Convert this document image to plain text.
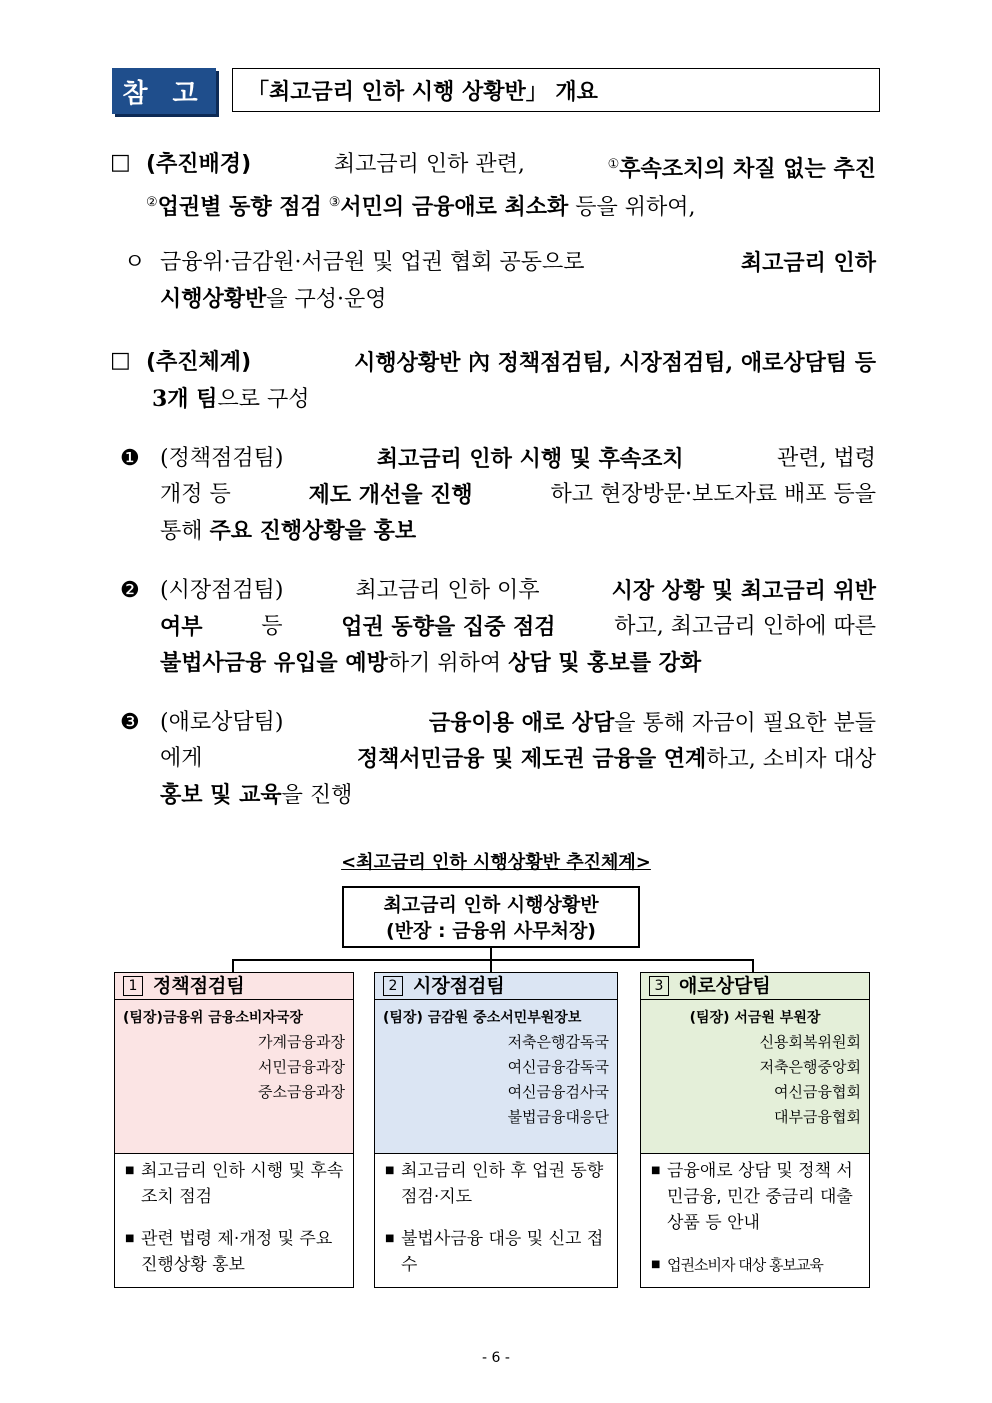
참 고	「최고금리 인하 시행 상황반」 개요
□ (추진배경)	최고금리 인하 관련,	①후속조치의 차질 없는 추진
②업권별 동향 점검 ③서민의 금융애로 최소화 등을 위하여,
ㅇ 금융위·금감원·서금원 및 업권 협회 공동으로	최고금리 인하
시행상황반을 구성·운영
□ (추진체계)	시행상황반 內 정책점검팀, 시장점검팀, 애로상담팀 등
3개 팀으로 구성
❶ (정책점검팀)	최고금리 인하 시행 및 후속조치	관련, 법령
개정 등	제도 개선을 진행	하고 현장방문·보도자료 배포 등을
통해 주요 진행상황을 홍보
❷ (시장점검팀)	최고금리 인하 이후	시장 상황 및 최고금리 위반
여부	등	업권 동향을 집중 점검	하고, 최고금리 인하에 따른
불법사금융 유입을 예방하기 위하여 상담 및 홍보를 강화
❸ (애로상담팀)	금융이용 애로 상담을 통해 자금이 필요한 분들
에게	정책서민금융 및 제도권 금융을 연계하고, 소비자 대상
홍보 및 교육을 진행
<최고금리 인하 시행상황반 추진체계>
최고금리 인하 시행상황반
(반장 : 금융위 사무처장)
1 정책점검팀
(팀장)금융위 금융소비자국장
가계금융과장
서민금융과장
중소금융과장
■ 최고금리 인하 시행 및 후속조치 점검
■ 관련 법령 제·개정 및 주요 진행상황 홍보
2 시장점검팀
(팀장) 금감원 중소서민부원장보
저축은행감독국
여신금융감독국
여신금융검사국
불법금융대응단
■ 최고금리 인하 후 업권 동향 점검·지도
■ 불법사금융 대응 및 신고 접수
3 애로상담팀
(팀장) 서금원 부원장
신용회복위원회
저축은행중앙회
여신금융협회
대부금융협회
■ 금융애로 상담 및 정책 서민금융, 민간 중금리 대출상품 등 안내
■ 업권소비자 대상 홍보교육
- 6 -
